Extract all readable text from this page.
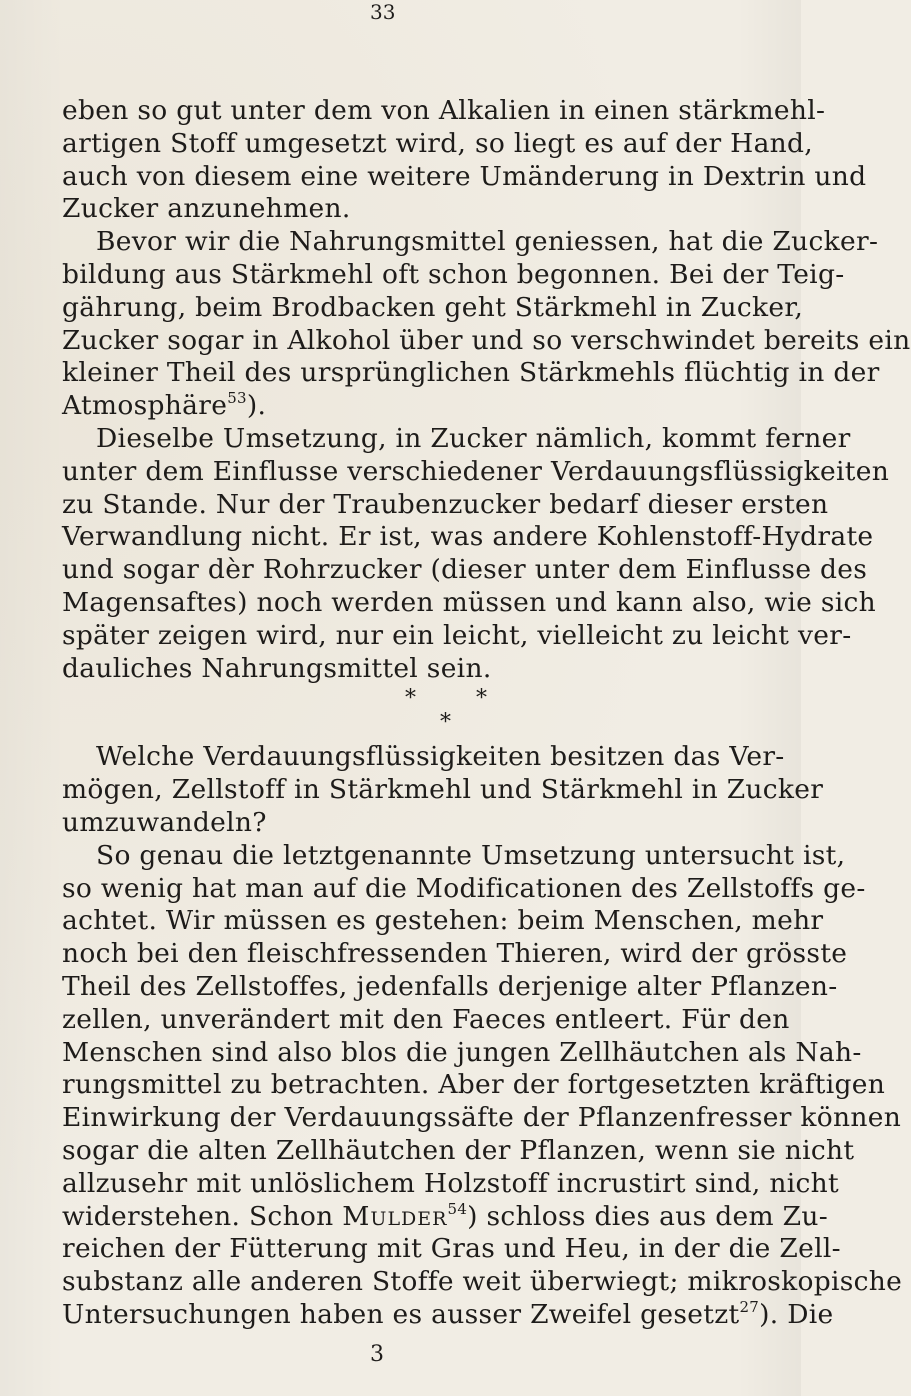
33
eben so gut unter dem von Alkalien in einen stärkmehl-
artigen Stoff umgesetzt wird, so liegt es auf der Hand,
auch von diesem eine weitere Umänderung in Dextrin und
Zucker anzunehmen.
Bevor wir die Nahrungsmittel geniessen, hat die Zucker-
bildung aus Stärkmehl oft schon begonnen. Bei der Teig-
gährung, beim Brodbacken geht Stärkmehl in Zucker,
Zucker sogar in Alkohol über und so verschwindet bereits ein
kleiner Theil des ursprünglichen Stärkmehls flüchtig in der
Atmosphäre$^{53}$).
Dieselbe Umsetzung, in Zucker nämlich, kommt ferner
unter dem Einflusse verschiedener Verdauungsflüssigkeiten
zu Stande. Nur der Traubenzucker bedarf dieser ersten
Verwandlung nicht. Er ist, was andere Kohlenstoff-Hydrate
und sogar dèr Rohrzucker (dieser unter dem Einflusse des
Magensaftes) noch werden müssen und kann also, wie sich
später zeigen wird, nur ein leicht, vielleicht zu leicht ver-
dauliches Nahrungsmittel sein.
*	*
*
Welche Verdauungsflüssigkeiten besitzen das Ver-
mögen, Zellstoff in Stärkmehl und Stärkmehl in Zucker
umzuwandeln?
So genau die letztgenannte Umsetzung untersucht ist,
so wenig hat man auf die Modificationen des Zellstoffs ge-
achtet. Wir müssen es gestehen: beim Menschen, mehr
noch bei den fleischfressenden Thieren, wird der grösste
Theil des Zellstoffes, jedenfalls derjenige alter Pflanzen-
zellen, unverändert mit den Faeces entleert. Für den
Menschen sind also blos die jungen Zellhäutchen als Nah-
rungsmittel zu betrachten. Aber der fortgesetzten kräftigen
Einwirkung der Verdauungssäfte der Pflanzenfresser können
sogar die alten Zellhäutchen der Pflanzen, wenn sie nicht
allzusehr mit unlöslichem Holzstoff incrustirt sind, nicht
widerstehen. Schon Mulder$^{54}$) schloss dies aus dem Zu-
reichen der Fütterung mit Gras und Heu, in der die Zell-
substanz alle anderen Stoffe weit überwiegt; mikroskopische
Untersuchungen haben es ausser Zweifel gesetzt$^{27}$). Die
3
